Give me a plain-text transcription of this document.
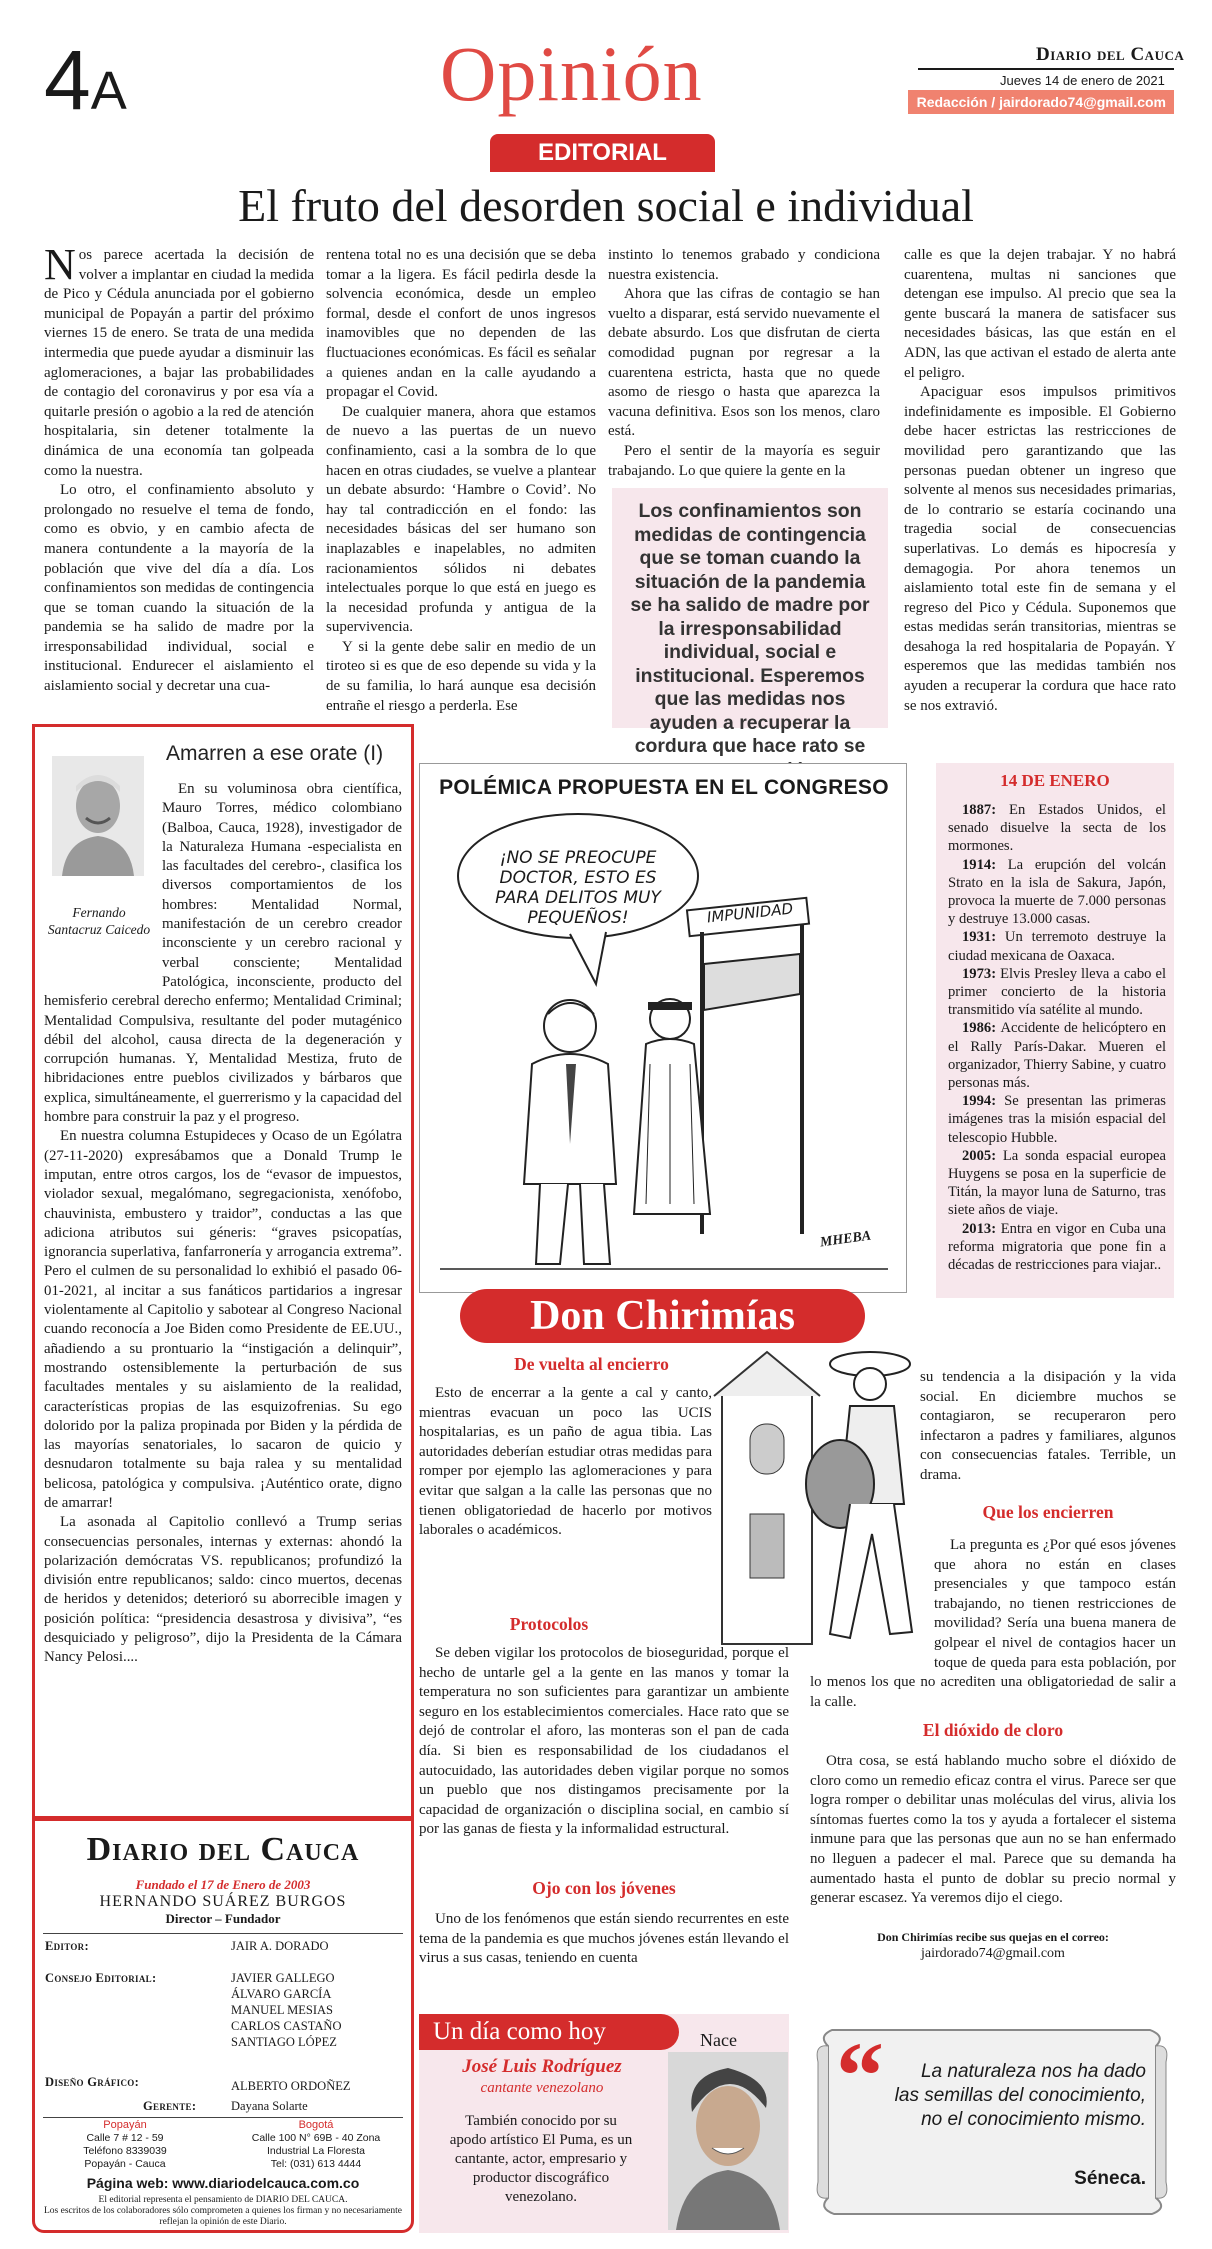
4A	Opinión	Diario del Cauca
Jueves 14 de enero de 2021
Redacción / jairdorado74@gmail.com
EDITORIAL
El fruto del desorden social e individual

Nos parece acertada la decisión de volver a implantar en ciudad la medida de Pico y Cédula anunciada por el gobierno municipal de Popayán a partir del próximo viernes 15 de enero. Se trata de una medida intermedia que puede ayudar a disminuir las aglomeraciones, a bajar las probabilidades de contagio del coronavirus y por esa vía a quitarle presión o agobio a la red de atención hospitalaria, sin detener totalmente la dinámica de una economía tan golpeada como la nuestra.

Lo otro, el confinamiento absoluto y prolongado no resuelve el tema de fondo, como es obvio, y en cambio afecta de manera contundente a la mayoría de la población que vive del día a día. Los confinamientos son medidas de contingencia que se toman cuando la situación de la pandemia se ha salido de madre por la irresponsabilidad individual, social e institucional. Endurecer el aislamiento el aislamiento social y decretar una cua-

rentena total no es una decisión que se deba tomar a la ligera. Es fácil pedirla desde la solvencia económica, desde un empleo formal, desde el confort de unos ingresos inamovibles que no dependen de las fluctuaciones económicas. Es fácil es señalar a quienes andan en la calle ayudando a propagar el Covid.

De cualquier manera, ahora que estamos de nuevo a las puertas de un nuevo confinamiento, casi a la sombra de lo que hacen en otras ciudades, se vuelve a plantear un debate absurdo: ‘Hambre o Covid’. No hay tal contradicción en el fondo: las necesidades básicas del ser humano son inaplazables e inapelables, no admiten racionamientos sólidos ni debates intelectuales porque lo que está en juego es la necesidad profunda y antigua de la supervivencia.

Y si la gente debe salir en medio de un tiroteo si es que de eso depende su vida y la de su familia, lo hará aunque esa decisión entrañe el riesgo a perderla. Ese

instinto lo tenemos grabado y condiciona nuestra existencia.

Ahora que las cifras de contagio se han vuelto a disparar, está servido nuevamente el debate absurdo. Los que disfrutan de cierta comodidad pugnan por regresar a la cuarentena estricta, hasta que no quede asomo de riesgo o hasta que aparezca la vacuna definitiva. Esos son los menos, claro está.

Pero el sentir de la mayoría es seguir trabajando. Lo que quiere la gente en la

Los confinamientos son medidas de contingencia que se toman cuando la situación de la pandemia se ha salido de madre por la irresponsabilidad individual, social e institucional. Esperemos que las medidas nos ayuden a recuperar la cordura que hace rato se

calle es que la dejen trabajar. Y no habrá cuarentena, multas ni sanciones que detengan ese impulso. Al precio que sea la gente buscará la manera de satisfacer sus necesidades básicas, las que están en el ADN, las que activan el estado de alerta ante el peligro.

Apaciguar esos impulsos primitivos indefinidamente es imposible. El Gobierno debe hacer estrictas las restricciones de movilidad pero garantizando que las personas puedan obtener un ingreso que solvente al menos sus necesidades primarias, de lo contrario se estaría cocinando una tragedia social de consecuencias superlativas. Lo demás es hipocresía y demagogia. Por ahora tenemos un aislamiento total este fin de semana y el regreso del Pico y Cédula. Suponemos que estas medidas serán transitorias, mientras se desahoga la red hospitalaria de Popayán. Y esperemos que las medidas también nos ayuden a recuperar la cordura que hace rato se nos extravió.

Amarren a ese orate (I)
Fernando Santacruz Caicedo

En su voluminosa obra científica, Mauro Torres, médico colombiano (Balboa, Cauca, 1928), investigador de la Naturaleza Humana -especialista en las facultades del cerebro-, clasifica los diversos comportamientos de los hombres: Mentalidad Normal, manifestación de un cerebro creador inconsciente y un cerebro racional y verbal consciente; Mentalidad Patológica, inconsciente, producto del hemisferio cerebral derecho enfermo; Mentalidad Criminal; Mentalidad Compulsiva, resultante del poder mutagénico débil del alcohol, causa directa de la degeneración y corrupción humanas. Y, Mentalidad Mestiza, fruto de hibridaciones entre pueblos civilizados y bárbaros que explica, simultáneamente, el guerrerismo y la capacidad del hombre para construir la paz y el progreso.

En nuestra columna Estupideces y Ocaso de un Ególatra (27-11-2020) expresábamos que a Donald Trump le imputan, entre otros cargos, los de “evasor de impuestos, violador sexual, megalómano, segregacionista, xenófobo, chauvinista, embustero y traidor”, conductas a las que adiciona atributos sui géneris: “graves psicopatías, ignorancia superlativa, fanfarronería y arrogancia extrema”. Pero el culmen de su personalidad lo exhibió el pasado 06-01-2021, al incitar a sus fanáticos partidarios a ingresar violentamente al Capitolio y sabotear al Congreso Nacional cuando reconocía a Joe Biden como Presidente de EE.UU., añadiendo a su prontuario la “instigación a delinquir”, mostrando ostensiblemente la perturbación de sus facultades mentales y su aislamiento de la realidad, características propias de las esquizofrenias. Su ego dolorido por la paliza propinada por Biden y la pérdida de las mayorías senatoriales, lo sacaron de quicio y desnudaron totalmente su baja ralea y su mentalidad belicosa, patológica y compulsiva. ¡Auténtico orate, digno de amarrar!

La asonada al Capitolio conllevó a Trump serias consecuencias personales, internas y externas: ahondó la polarización demócratas VS. republicanos; profundizó la división entre republicanos; saldo: cinco muertos, decenas de heridos y detenidos; deterioró su aborrecible imagen y posición política: “presidencia desastrosa y divisiva”, “es desquiciado y peligroso”, dijo la Presidenta de la Cámara Nancy Pelosi....

Diario del Cauca
Fundado el 17 de Enero de 2003
HERNANDO SUÁREZ BURGOS
Director – Fundador
Editor:	JAIR A. DORADO
Consejo Editorial:	JAVIER GALLEGO
ÁLVARO GARCÍA
MANUEL MESIAS
CARLOS CASTAÑO
SANTIAGO LÓPEZ
Diseño Gráfico:	ALBERTO ORDOÑEZ
Gerente:	Dayana Solarte
Popayán
Calle 7 # 12 - 59
Teléfono 8339039
Popayán - Cauca
Bogotá
Calle 100 N° 69B - 40 Zona
Industrial La Floresta
Tel: (031) 613 4444
Página web: www.diariodelcauca.com.co
El editorial representa el pensamiento de DIARIO DEL CAUCA.
Los escritos de los colaboradores sólo comprometen a quienes los firman y no necesariamente reflejan la opinión de este Diario.
POLÉMICA PROPUESTA EN EL CONGRESO
¡NO SE PREOCUPE DOCTOR, ESTO ES PARA DELITOS MUY PEQUEÑOS!	IMPUNIDAD
MHEBA
14 DE ENERO
1887: En Estados Unidos, el senado disuelve la secta de los mormones.
1914: La erupción del volcán Strato en la isla de Sakura, Japón, provoca la muerte de 7.000 personas y destruye 13.000 casas.
1931: Un terremoto destruye la ciudad mexicana de Oaxaca.
1973: Elvis Presley lleva a cabo el primer concierto de la historia transmitido vía satélite al mundo.
1986: Accidente de helicóptero en el Rally París-Dakar. Mueren el organizador, Thierry Sabine, y cuatro personas más.
1994: Se presentan las primeras imágenes tras la misión espacial del telescopio Hubble.
2005: La sonda espacial europea Huygens se posa en la superficie de Titán, la mayor luna de Saturno, tras siete años de viaje.
2013: Entra en vigor en Cuba una reforma migratoria que pone fin a décadas de restricciones para viajar..
Don Chirimías
De vuelta al encierro

Esto de encerrar a la gente a cal y canto, mientras evacuan un poco las UCIS hospitalarias, es un paño de agua tibia. Las autoridades deberían estudiar otras medidas para romper por ejemplo las aglomeraciones y para evitar que salgan a la calle las personas que no tienen obligatoriedad de hacerlo por motivos laborales o académicos.

Protocolos

Se deben vigilar los protocolos de bioseguridad, porque el hecho de untarle gel a la gente en las manos y tomar la temperatura no son suficientes para garantizar un ambiente seguro en los establecimientos comerciales. Hace rato que se dejó de controlar el aforo, las monteras son el pan de cada día. Si bien es responsabilidad de los ciudadanos el autocuidado, las autoridades deben vigilar porque no somos un pueblo que nos distingamos precisamente por la capacidad de organización o disciplina social, en cambio sí por las ganas de fiesta y la informalidad estructural.

Ojo con los jóvenes

Uno de los fenómenos que están siendo recurrentes en este tema de la pandemia es que muchos jóvenes están llevando el virus a sus casas, teniendo en cuenta

su tendencia a la disipación y la vida social. En diciembre muchos se contagiaron, se recuperaron pero infectaron a padres y familiares, algunos con consecuencias fatales. Terrible, un drama.

Que los encierren

La pregunta es ¿Por qué esos jóvenes que ahora no están en clases presenciales y que tampoco están trabajando, no tienen restricciones de movilidad? Sería una buena manera de golpear el nivel de contagios hacer un toque de queda para esta población, por lo menos los que no acrediten una obligatoriedad de salir a la calle.

El dióxido de cloro

Otra cosa, se está hablando mucho sobre el dióxido de cloro como un remedio eficaz contra el virus. Parece ser que logra romper o debilitar unas moléculas del virus, alivia los síntomas fuertes como la tos y ayuda a fortalecer el sistema inmune para que las personas que aun no se han enfermado no lleguen a padecer el mal. Parece que su demanda ha aumentado hasta el punto de doblar su precio normal y generar escasez. Ya veremos dijo el ciego.

Don Chirimías recibe sus quejas en el correo:
jairdorado74@gmail.com
Un día como hoy	Nace
José Luis Rodríguez
cantante venezolano
También conocido por su apodo artístico El Puma, es un cantante, actor, empresario y productor discográfico venezolano.
“	La naturaleza nos ha dado las semillas del conocimiento, no el conocimiento mismo.
Séneca.
